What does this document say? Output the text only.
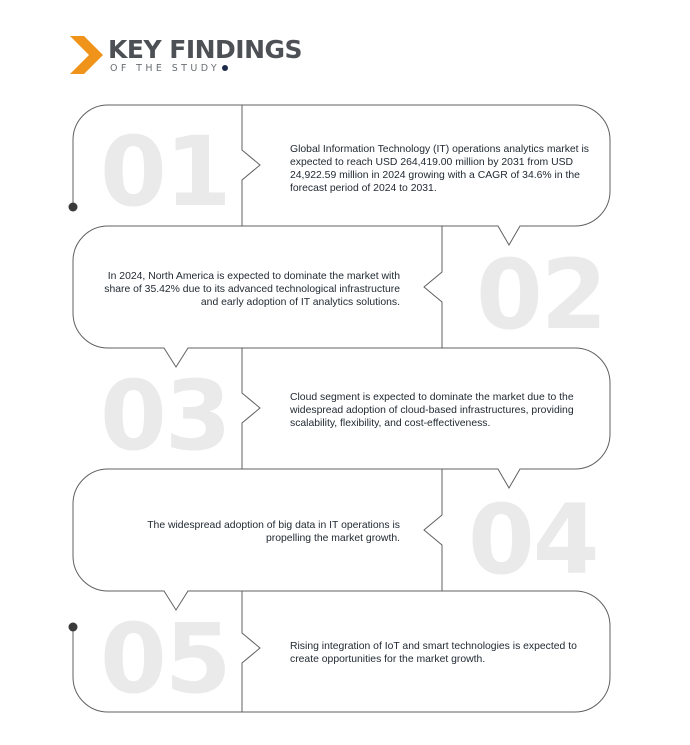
KEY FINDINGS
OF THE STUDY
01
02
03
04
05
Global Information Technology (IT) operations analytics market is expected to reach USD 264,419.00 million by 2031 from USD 24,922.59 million in 2024 growing with a CAGR of 34.6% in the forecast period of 2024 to 2031.
In 2024, North America is expected to dominate the market with share of 35.42% due to its advanced technological infrastructure and early adoption of IT analytics solutions.
Cloud segment is expected to dominate the market due to the widespread adoption of cloud-based infrastructures, providing scalability, flexibility, and cost-effectiveness.
The widespread adoption of big data in IT operations is propelling the market growth.
Rising integration of IoT and smart technologies is expected to create opportunities for the market growth.
